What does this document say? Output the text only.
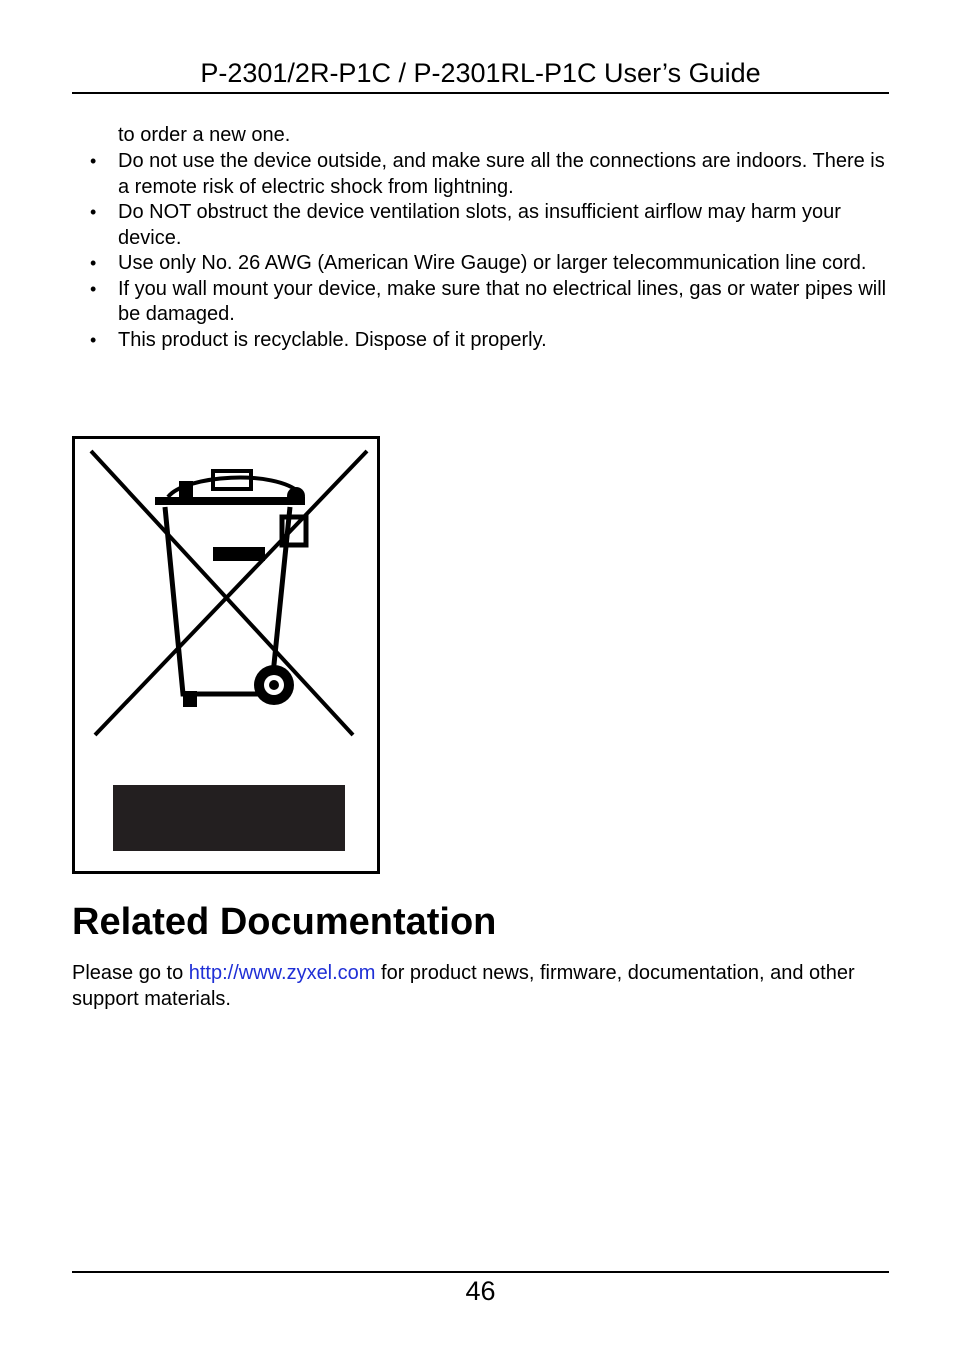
P-2301/2R-P1C / P-2301RL-P1C User’s Guide
to order a new one.
• Do not use the device outside, and make sure all the connections are indoors. There is a remote risk of electric shock from lightning.
• Do NOT obstruct the device ventilation slots, as insufficient airflow may harm your device.
• Use only No. 26 AWG (American Wire Gauge) or larger telecommunication line cord.
• If you wall mount your device, make sure that no electrical lines, gas or water pipes will be damaged.
• This product is recyclable. Dispose of it properly.
Related Documentation

Please go to http://www.zyxel.com for product news, firmware, documentation, and other support materials.

46
